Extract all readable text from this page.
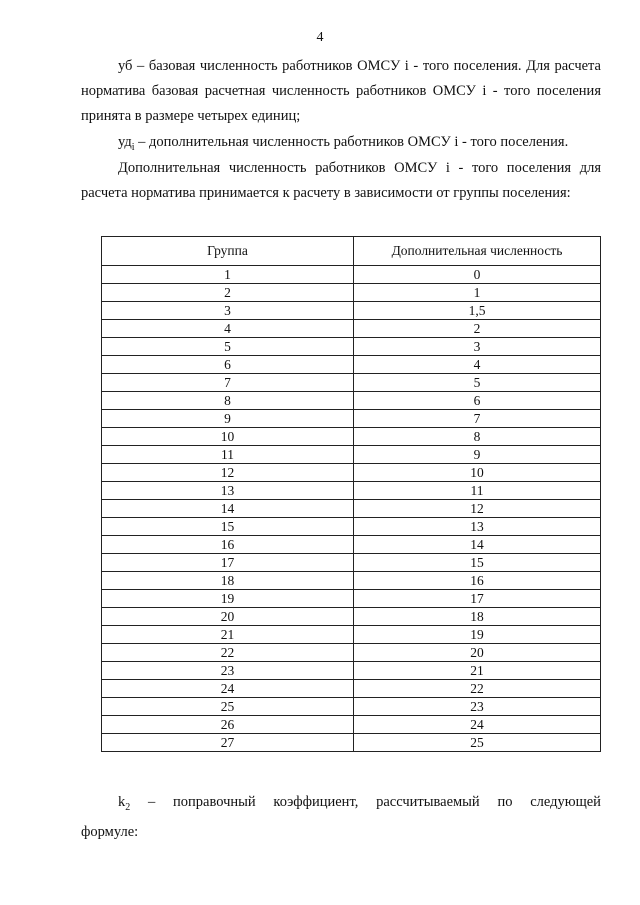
4

уб – базовая численность работников ОМСУ i - того поселения. Для расчета норматива базовая расчетная численность работников ОМСУ i - того поселения принята в размере четырех единиц;

$уд_i$ – дополнительная численность работников ОМСУ i - того поселения.

Дополнительная численность работников ОМСУ i - того поселения для расчета норматива принимается к расчету в зависимости от группы поселения:

Группа	Дополнительная численность
1	0
2	1
3	1,5
4	2
5	3
6	4
7	5
8	6
9	7
10	8
11	9
12	10
13	11
14	12
15	13
16	14
17	15
18	16
19	17
20	18
21	19
22	20
23	21
24	22
25	23
26	24
27	25
$k_2$ – поправочный коэффициент, рассчитываемый по следующей
формуле:
